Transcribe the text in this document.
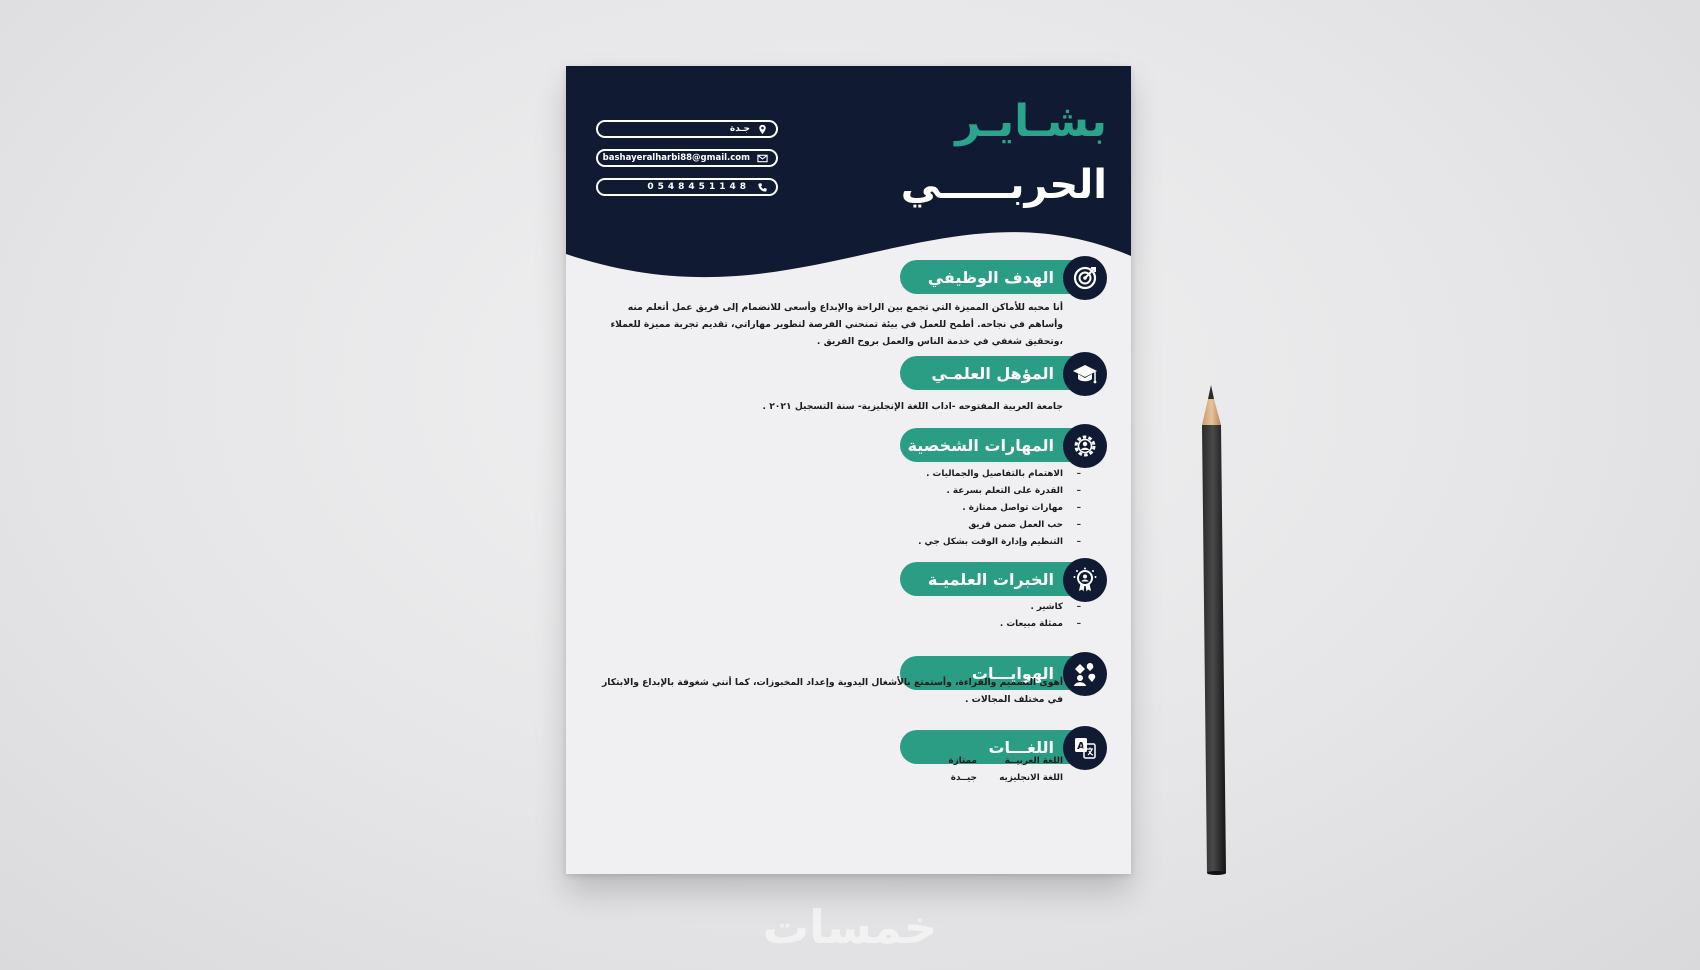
بشـايـر
الحربـــــي
جـدة
bashayeralharbi88@gmail.com
0548451148
الهدف الوظيفي
أنا محبه للأماكن المميزة التي تجمع بين الراحة والإبداع وأسعى للانضمام إلى فريق عمل أتعلم منه وأساهم في نجاحه. أطمح للعمل في بيئة تمنحني الفرصة لتطوير مهاراتي، تقديم تجربة مميزة للعملاء ،وتحقيق شغفي في خدمة الناس والعمل بروح الفريق .
المؤهل العلمـي
جامعة العربية المفتوحه -اداب اللغة الإنجليزية- سنة التسجيل ٢٠٢١ .
المهارات الشخصية
– الاهتمام بالتفاصيل والجماليات .
– القدرة على التعلم بسرعة .
– مهارات تواصل ممتازة .
– حب العمل ضمن فريق
– التنظيم وإدارة الوقت بشكل جي .
الخبرات العلميـة
– كاشير .
– ممثلة مبيعات .
الهوايـــات
أهوى التصميم والقراءة، وأستمتع بالأشغال اليدوية وإعداد المخبوزات، كما أنني شغوفة بالإبداع والابتكار في مختلف المجالات .
اللغـــات A
اللغة العربيــة
ممتازة
اللغة الانجليزيه
جيــدة
خمسات
